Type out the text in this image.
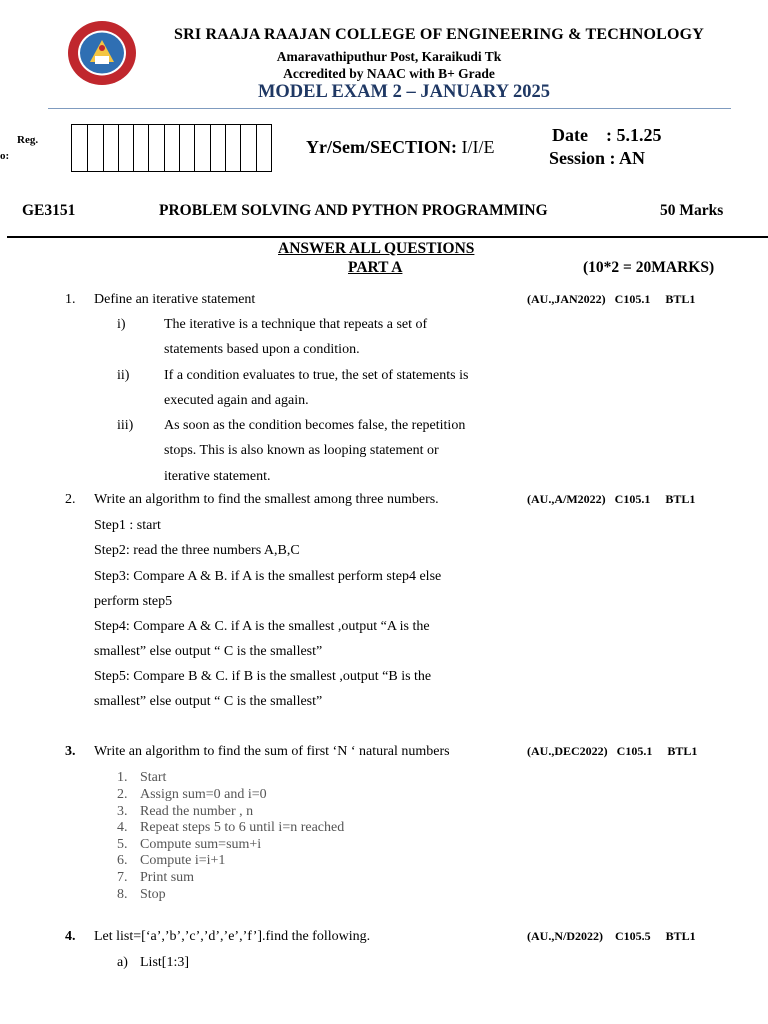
SRI RAAJA RAAJAN COLLEGE OF ENGINEERING & TECHNOLOGY
Amaravathiputhur Post, Karaikudi Tk
Accredited by NAAC with B+ Grade
MODEL EXAM 2 – JANUARY 2025
Reg.
o:	Yr/Sem/SECTION: I/I/E
Date    : 5.1.25
Session : AN
GE3151	PROBLEM SOLVING AND PYTHON PROGRAMMING	50 Marks
ANSWER ALL QUESTIONS
PART A	(10*2 = 20MARKS)
1. Define an iterative statement	(AU.,JAN2022)   C105.1     BTL1
i)	The iterative is a technique that repeats a set of
statements based upon a condition.
ii) If a condition evaluates to true, the set of statements is
executed again and again.
iii) As soon as the condition becomes false, the repetition
stops. This is also known as looping statement or
iterative statement.
2. Write an algorithm to find the smallest among three numbers.	(AU.,A/M2022)   C105.1     BTL1
Step1 : start
Step2: read the three numbers A,B,C
Step3: Compare A & B. if A is the smallest perform step4 else
perform step5
Step4: Compare A & C. if A is the smallest ,output “A is the
smallest” else output “ C is the smallest”
Step5: Compare B & C. if B is the smallest ,output “B is the
smallest” else output “ C is the smallest”
3. Write an algorithm to find the sum of first ‘N ‘ natural numbers	(AU.,DEC2022)   C105.1     BTL1
1. Start
2. Assign sum=0 and i=0
3. Read the number , n
4. Repeat steps 5 to 6 until i=n reached
5. Compute sum=sum+i
6. Compute i=i+1
7. Print sum
8. Stop
4. Let list=[‘a’,’b’,’c’,’d’,’e’,’f’].find the following.	(AU.,N/D2022)    C105.5     BTL1
a) List[1:3]
